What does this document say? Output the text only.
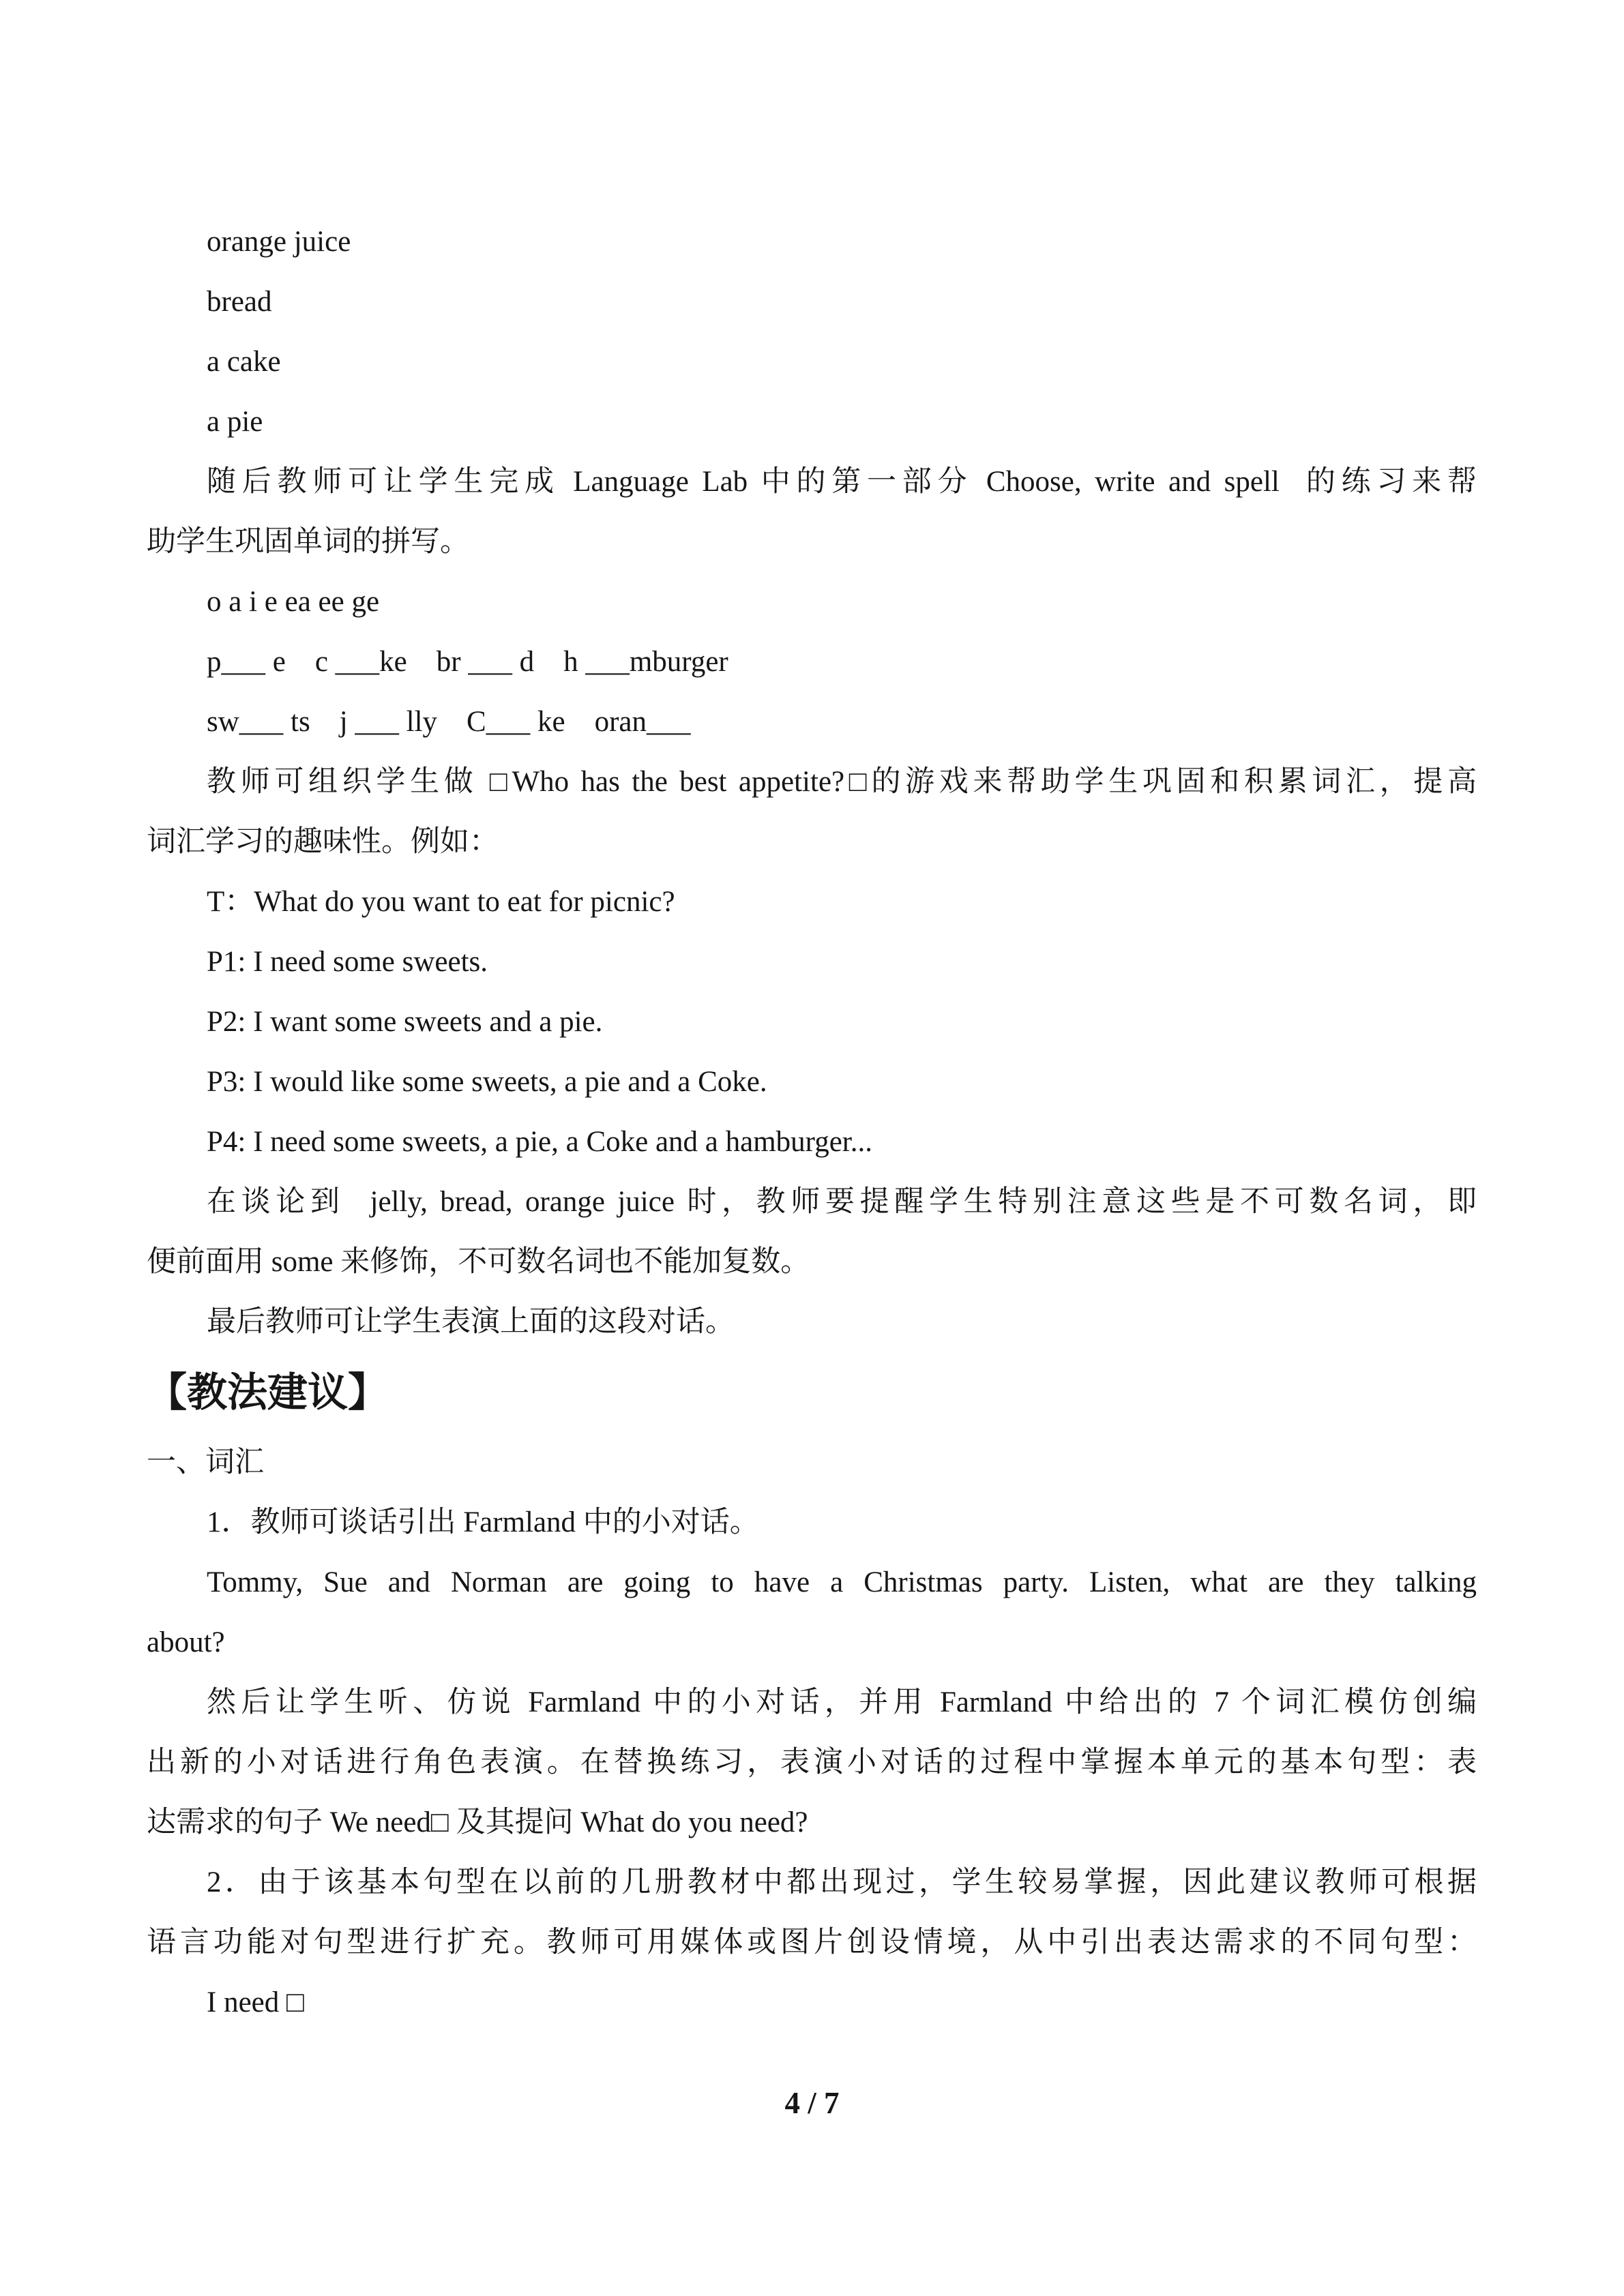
orange juice
bread
a cake
a pie
随后教师可让学生完成 Language Lab 中的第一部分 Choose, write and spell  的练习来帮
助学生巩固单词的拼写。
o a i e ea ee ge
p___ e    c ___ke    br ___ d    h ___mburger
sw___ ts    j ___ lly    C___ ke    oran___
教师可组织学生做 □Who has the best appetite?□的游戏来帮助学生巩固和积累词汇，提高
词汇学习的趣味性。例如：
T：What do you want to eat for picnic?
P1: I need some sweets.
P2: I want some sweets and a pie.
P3: I would like some sweets, a pie and a Coke.
P4: I need some sweets, a pie, a Coke and a hamburger...
在谈论到  jelly, bread, orange juice 时，教师要提醒学生特别注意这些是不可数名词，即
便前面用 some 来修饰，不可数名词也不能加复数。
最后教师可让学生表演上面的这段对话。
【教法建议】
一、词汇
1．教师可谈话引出 Farmland 中的小对话。
Tommy, Sue and Norman are going to have a Christmas party. Listen, what are they talking
about?
然后让学生听、仿说 Farmland 中的小对话，并用 Farmland 中给出的 7 个词汇模仿创编
出新的小对话进行角色表演。在替换练习，表演小对话的过程中掌握本单元的基本句型：表
达需求的句子 We need□ 及其提问 What do you need?
2．由于该基本句型在以前的几册教材中都出现过，学生较易掌握，因此建议教师可根据
语言功能对句型进行扩充。教师可用媒体或图片创设情境，从中引出表达需求的不同句型：
I need □
4 / 7
